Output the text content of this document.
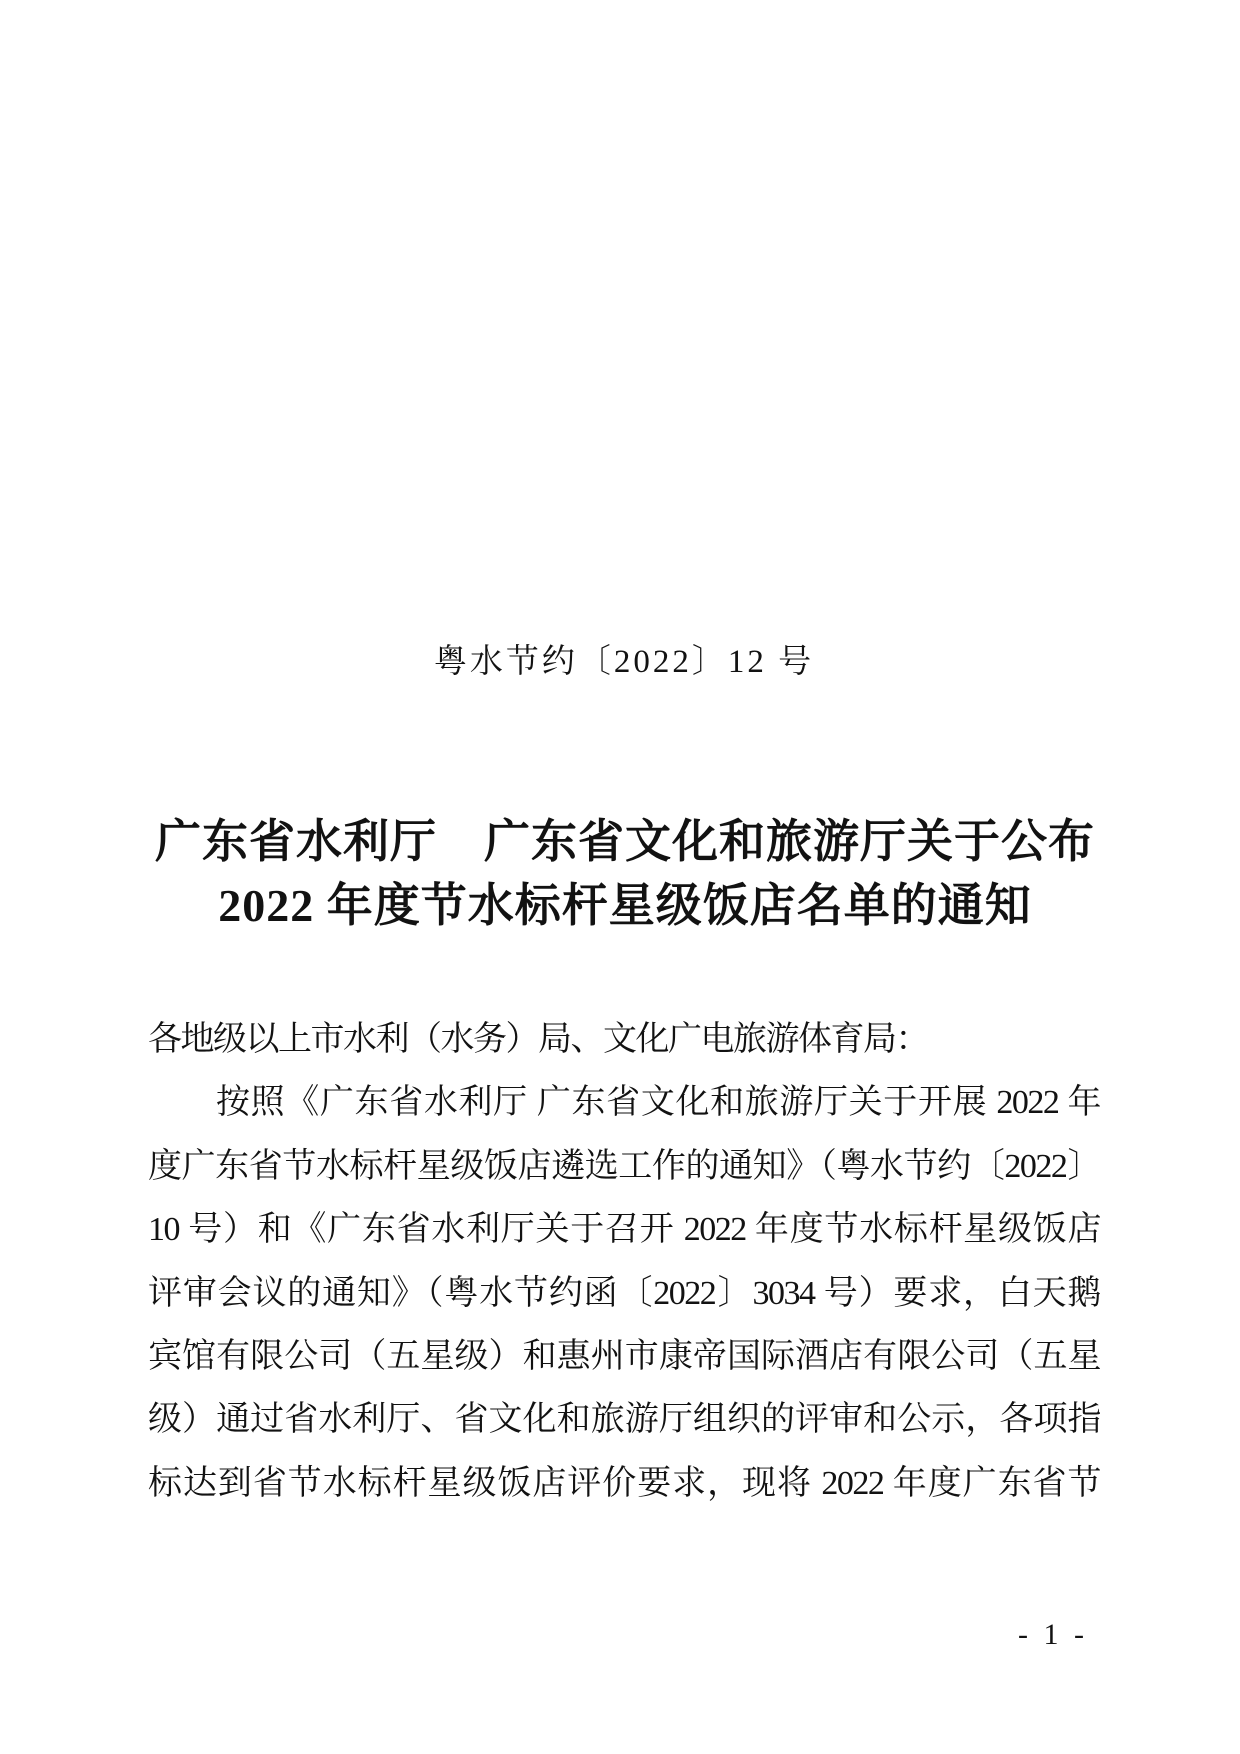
粤水节约〔2022〕12 号
广东省水利厅　广东省文化和旅游厅关于公布
2022 年度节水标杆星级饭店名单的通知
各地级以上市水利（水务）局、文化广电旅游体育局：
按照《广东省水利厅 广东省文化和旅游厅关于开展 2022 年
度广东省节水标杆星级饭店遴选工作的通知》（粤水节约〔2022〕
10 号）和《广东省水利厅关于召开 2022 年度节水标杆星级饭店
评审会议的通知》（粤水节约函〔2022〕3034 号）要求，白天鹅
宾馆有限公司（五星级）和惠州市康帝国际酒店有限公司（五星
级）通过省水利厅、省文化和旅游厅组织的评审和公示，各项指
标达到省节水标杆星级饭店评价要求，现将 2022 年度广东省节
- 1 -
